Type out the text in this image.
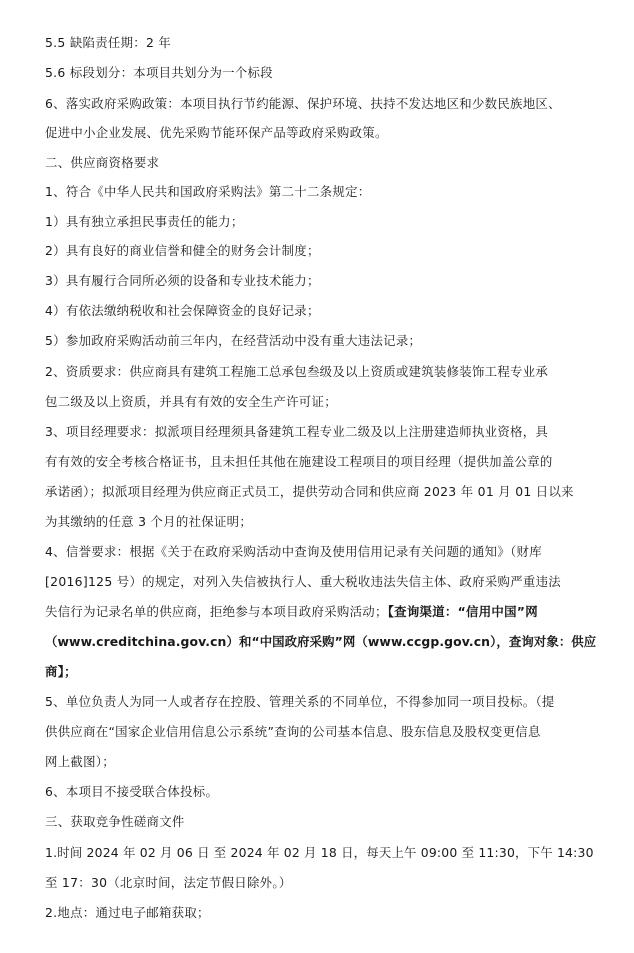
5.5 缺陷责任期：2 年
5.6 标段划分：本项目共划分为一个标段
6、落实政府采购政策：本项目执行节约能源、保护环境、扶持不发达地区和少数民族地区、
促进中小企业发展、优先采购节能环保产品等政府采购政策。
二、供应商资格要求
1、符合《中华人民共和国政府采购法》第二十二条规定：
1）具有独立承担民事责任的能力；
2）具有良好的商业信誉和健全的财务会计制度；
3）具有履行合同所必须的设备和专业技术能力；
4）有依法缴纳税收和社会保障资金的良好记录；
5）参加政府采购活动前三年内，在经营活动中没有重大违法记录；
2、资质要求：供应商具有建筑工程施工总承包叁级及以上资质或建筑装修装饰工程专业承
包二级及以上资质，并具有有效的安全生产许可证；
3、项目经理要求：拟派项目经理须具备建筑工程专业二级及以上注册建造师执业资格，具
有有效的安全考核合格证书，且未担任其他在施建设工程项目的项目经理（提供加盖公章的
承诺函）；拟派项目经理为供应商正式员工，提供劳动合同和供应商 2023 年 01 月 01 日以来
为其缴纳的任意 3 个月的社保证明；
4、信誉要求：根据《关于在政府采购活动中查询及使用信用记录有关问题的通知》（财库
[2016]125 号）的规定，对列入失信被执行人、重大税收违法失信主体、政府采购严重违法
失信行为记录名单的供应商，拒绝参与本项目政府采购活动；【查询渠道：“信用中国”网
（www.creditchina.gov.cn）和“中国政府采购”网（www.ccgp.gov.cn），查询对象：供应
商】；
5、单位负责人为同一人或者存在控股、管理关系的不同单位，不得参加同一项目投标。（提
供供应商在“国家企业信用信息公示系统”查询的公司基本信息、股东信息及股权变更信息
网上截图）；
6、本项目不接受联合体投标。
三、获取竞争性磋商文件
1.时间 2024 年 02 月 06 日 至 2024 年 02 月 18 日，每天上午 09:00 至 11:30，下午 14:30
至 17：30（北京时间，法定节假日除外。）
2.地点：通过电子邮箱获取；
